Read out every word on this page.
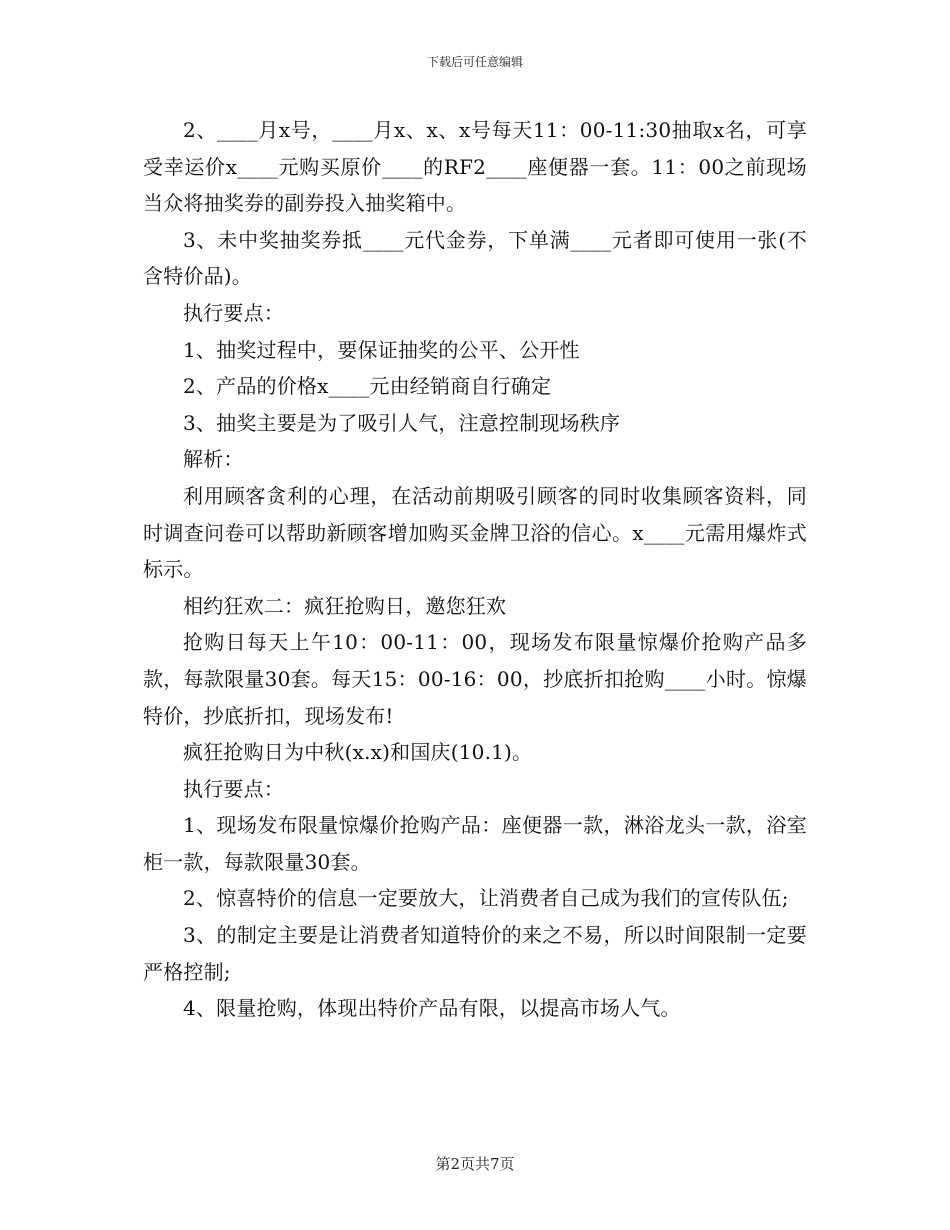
下载后可任意编辑

2、____月x号，____月x、x、x号每天11：00-11:30抽取x名，可享受幸运价x____元购买原价____的RF2____座便器一套。11：00之前现场当众将抽奖券的副券投入抽奖箱中。

3、未中奖抽奖券抵____元代金券，下单满____元者即可使用一张(不含特价品)。

执行要点：

1、抽奖过程中，要保证抽奖的公平、公开性

2、产品的价格x____元由经销商自行确定

3、抽奖主要是为了吸引人气，注意控制现场秩序

解析：

利用顾客贪利的心理，在活动前期吸引顾客的同时收集顾客资料，同时调查问卷可以帮助新顾客增加购买金牌卫浴的信心。x____元需用爆炸式标示。

相约狂欢二：疯狂抢购日，邀您狂欢

抢购日每天上午10：00-11：00，现场发布限量惊爆价抢购产品多款，每款限量30套。每天15：00-16：00，抄底折扣抢购____小时。惊爆特价，抄底折扣，现场发布!

疯狂抢购日为中秋(x.x)和国庆(10.1)。

执行要点：

1、现场发布限量惊爆价抢购产品：座便器一款，淋浴龙头一款，浴室柜一款，每款限量30套。

2、惊喜特价的信息一定要放大，让消费者自己成为我们的宣传队伍;

3、的制定主要是让消费者知道特价的来之不易，所以时间限制一定要严格控制;

4、限量抢购，体现出特价产品有限，以提高市场人气。

第2页共7页
